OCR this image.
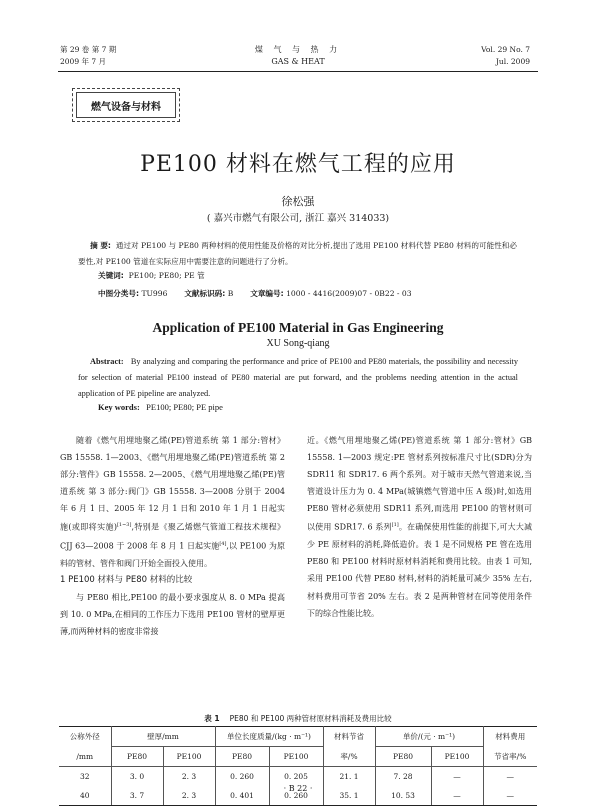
第 29 卷 第 7 期
2009 年 7 月
煤 气 与 热 力
GAS & HEAT
Vol. 29 No. 7
Jul. 2009
燃气设备与材料
PE100 材料在燃气工程的应用
徐松强
( 嘉兴市燃气有限公司, 浙江 嘉兴 314033)
摘 要: 通过对 PE100 与 PE80 两种材料的使用性能及价格的对比分析,提出了选用 PE100 材料代替 PE80 材料的可能性和必要性,对 PE100 管道在实际应用中需要注意的问题进行了分析。
关键词: PE100; PE80; PE 管
中图分类号: TU996 文献标识码: B 文章编号: 1000 - 4416(2009)07 - 0B22 - 03
Application of PE100 Material in Gas Engineering
XU Song-qiang
Abstract: By analyzing and comparing the performance and price of PE100 and PE80 materials, the possibility and necessity for selection of material PE100 instead of PE80 material are put forward, and the problems needing attention in the actual application of PE pipeline are analyzed.
Key words: PE100; PE80; PE pipe

随着《燃气用埋地聚乙烯(PE)管道系统 第 1 部分:管材》GB 15558. 1—2003、《燃气用埋地聚乙烯(PE)管道系统 第 2 部分:管件》GB 15558. 2—2005、《燃气用埋地聚乙烯(PE)管道系统 第 3 部分:阀门》GB 15558. 3—2008 分别于 2004 年 6 月 1 日、2005 年 12 月 1 日和 2010 年 1 月 1 日起实施(或即将实施)[1~3],特别是《聚乙烯燃气管道工程技术规程》CJJ 63—2008 于 2008 年 8 月 1 日起实施[4],以 PE100 为原料的管材、管件和阀门开始全面投入使用。

1 PE100 材料与 PE80 材料的比较

与 PE80 相比,PE100 的最小要求强度从 8. 0 MPa 提高到 10. 0 MPa,在相同的工作压力下选用 PE100 管材的壁厚更薄,而两种材料的密度非常接

近。《燃气用埋地聚乙烯(PE)管道系统 第 1 部分:管材》GB 15558. 1—2003 规定:PE 管材系列按标准尺寸比(SDR)分为 SDR11 和 SDR17. 6 两个系列。对于城市天然气管道来说,当管道设计压力为 0. 4 MPa(城镇燃气管道中压 A 级)时,如选用 PE80 管材必须使用 SDR11 系列,而选用 PE100 的管材则可以使用 SDR17. 6 系列[1]。在确保使用性能的前提下,可大大减少 PE 原材料的消耗,降低造价。表 1 是不同规格 PE 管在选用 PE80 和 PE100 材料时原材料消耗和费用比较。由表 1 可知,采用 PE100 代替 PE80 材料,材料的消耗量可减少 35% 左右,材料费用可节省 20% 左右。表 2 是两种管材在同等使用条件下的综合性能比较。

表 1 PE80 和 PE100 两种管材原材料消耗及费用比较
公称外径	壁厚/mm		单位长度质量/(kg · m⁻¹)		材料节省	单价/(元 · m⁻¹)		材料费用
/mm	PE80	PE100	PE80	PE100	率/%	PE80	PE100	节省率/%
32	3. 0	2. 3	0. 260	0. 205	21. 1	7. 28	—	—
40	3. 7	2. 3	0. 401	0. 260	35. 1	10. 53	—	—
· B 22 ·
